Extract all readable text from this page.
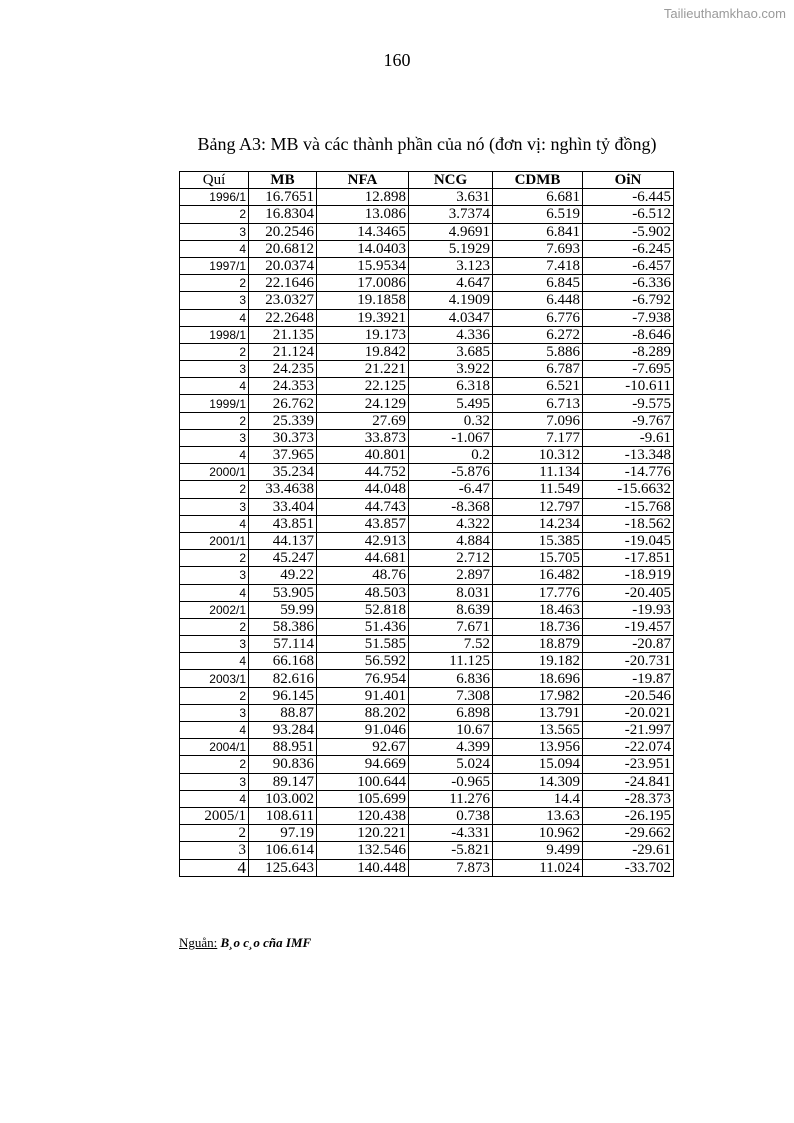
Tailieuthamkhao.com
160
Bảng A3: MB và các thành phần của nó (đơn vị: nghìn tỷ đồng)
Quí	MB	NFA	NCG	CDMB	OiN
1996/1	16.7651	12.898	3.631	6.681	-6.445
2	16.8304	13.086	3.7374	6.519	-6.512
3	20.2546	14.3465	4.9691	6.841	-5.902
4	20.6812	14.0403	5.1929	7.693	-6.245
1997/1	20.0374	15.9534	3.123	7.418	-6.457
2	22.1646	17.0086	4.647	6.845	-6.336
3	23.0327	19.1858	4.1909	6.448	-6.792
4	22.2648	19.3921	4.0347	6.776	-7.938
1998/1	21.135	19.173	4.336	6.272	-8.646
2	21.124	19.842	3.685	5.886	-8.289
3	24.235	21.221	3.922	6.787	-7.695
4	24.353	22.125	6.318	6.521	-10.611
1999/1	26.762	24.129	5.495	6.713	-9.575
2	25.339	27.69	0.32	7.096	-9.767
3	30.373	33.873	-1.067	7.177	-9.61
4	37.965	40.801	0.2	10.312	-13.348
2000/1	35.234	44.752	-5.876	11.134	-14.776
2	33.4638	44.048	-6.47	11.549	-15.6632
3	33.404	44.743	-8.368	12.797	-15.768
4	43.851	43.857	4.322	14.234	-18.562
2001/1	44.137	42.913	4.884	15.385	-19.045
2	45.247	44.681	2.712	15.705	-17.851
3	49.22	48.76	2.897	16.482	-18.919
4	53.905	48.503	8.031	17.776	-20.405
2002/1	59.99	52.818	8.639	18.463	-19.93
2	58.386	51.436	7.671	18.736	-19.457
3	57.114	51.585	7.52	18.879	-20.87
4	66.168	56.592	11.125	19.182	-20.731
2003/1	82.616	76.954	6.836	18.696	-19.87
2	96.145	91.401	7.308	17.982	-20.546
3	88.87	88.202	6.898	13.791	-20.021
4	93.284	91.046	10.67	13.565	-21.997
2004/1	88.951	92.67	4.399	13.956	-22.074
2	90.836	94.669	5.024	15.094	-23.951
3	89.147	100.644	-0.965	14.309	-24.841
4	103.002	105.699	11.276	14.4	-28.373
2005/1	108.611	120.438	0.738	13.63	-26.195
2	97.19	120.221	-4.331	10.962	-29.662
3	106.614	132.546	-5.821	9.499	-29.61
4	125.643	140.448	7.873	11.024	-33.702
Nguån: B¸o c¸o cña IMF
